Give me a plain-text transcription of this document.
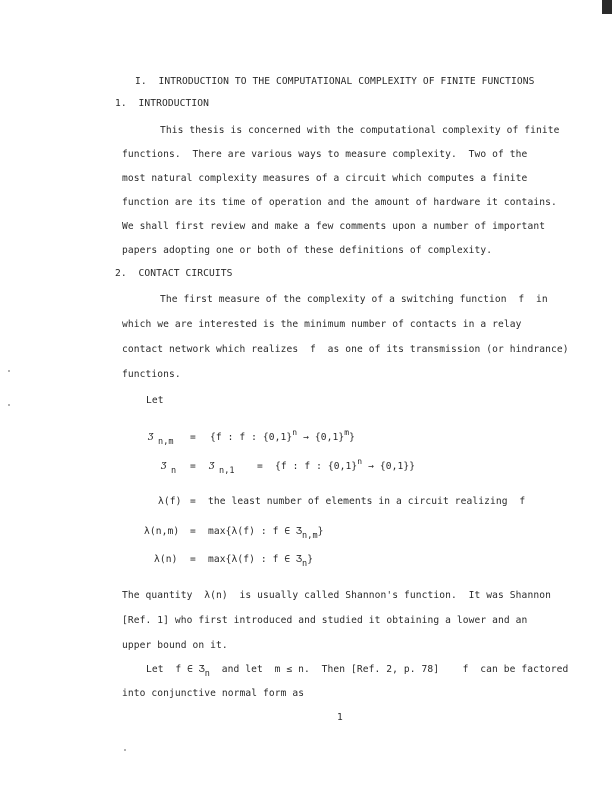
I.  INTRODUCTION TO THE COMPUTATIONAL COMPLEXITY OF FINITE FUNCTIONS
1.  INTRODUCTION
This thesis is concerned with the computational complexity of finite
functions.  There are various ways to measure complexity.  Two of the
most natural complexity measures of a circuit which computes a finite
function are its time of operation and the amount of hardware it contains.
We shall first review and make a few comments upon a number of important
papers adopting one or both of these definitions of complexity.
2.  CONTACT CIRCUITS
The first measure of the complexity of a switching function  f  in
which we are interested is the minimum number of contacts in a relay
contact network which realizes  f  as one of its transmission (or hindrance)
functions.
Let

Ʒ n,m

=

{f : f : $\{0,1\}^n \to \{0,1\}^m$}

Ʒ n

=

Ʒ n,1

=

{f : f : $\{0,1\}^n \to \{0,1\}$}

λ(f)

=

the least number of elements in a circuit realizing  f

λ(n,m)

=

max{λ(f) : f ∈ Ʒn,m}

λ(n)

=

max{λ(f) : f ∈ Ʒn}

The quantity  λ(n)  is usually called Shannon's function.  It was Shannon
[Ref. 1] who first introduced and studied it obtaining a lower and an
upper bound on it.
Let  f ∈ Ʒn  and let  m ≤ n.  Then [Ref. 2, p. 78]    f  can be factored
into conjunctive normal form as
1
